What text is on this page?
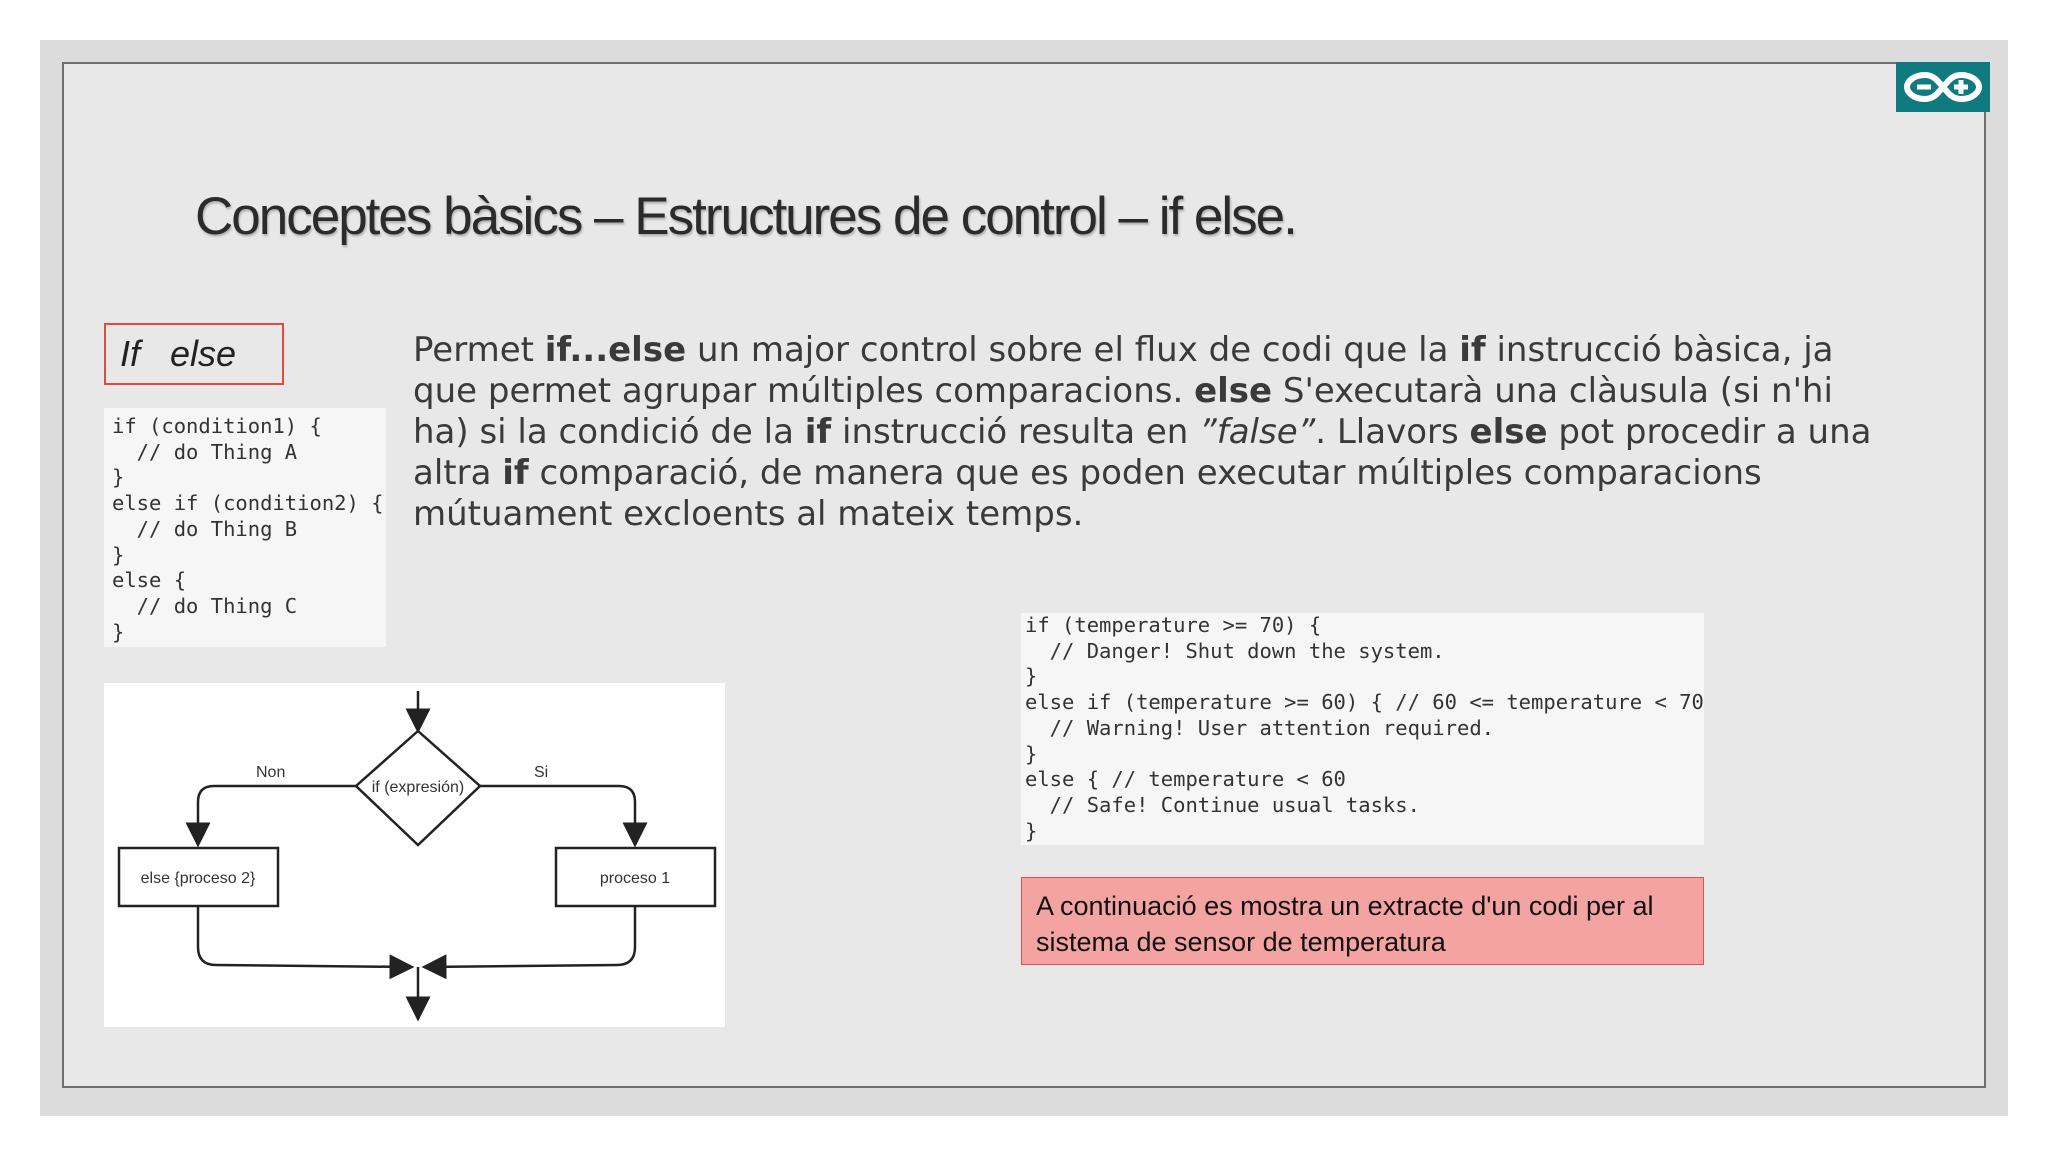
Conceptes bàsics – Estructures de control – if else.
If   else
if (condition1) {
// do Thing A
}
else if (condition2) {
// do Thing B
}
else {
// do Thing C
}
Permet if...else un major control sobre el flux de codi que la if instrucció bàsica, ja que permet agrupar múltiples comparacions. else S'executarà una clàusula (si n'hi ha) si la condició de la if instrucció resulta en ”false”. Llavors else pot procedir a una altra if comparació, de manera que es poden executar múltiples comparacions mútuament excloents al mateix temps.
if (expresión)
Non	Si
else {proceso 2}	proceso 1
if (temperature >= 70) {
// Danger! Shut down the system.
}
else if (temperature >= 60) { // 60 <= temperature < 70
// Warning! User attention required.
}
else { // temperature < 60
// Safe! Continue usual tasks.
}
A continuació es mostra un extracte d'un codi per al sistema de sensor de temperatura
